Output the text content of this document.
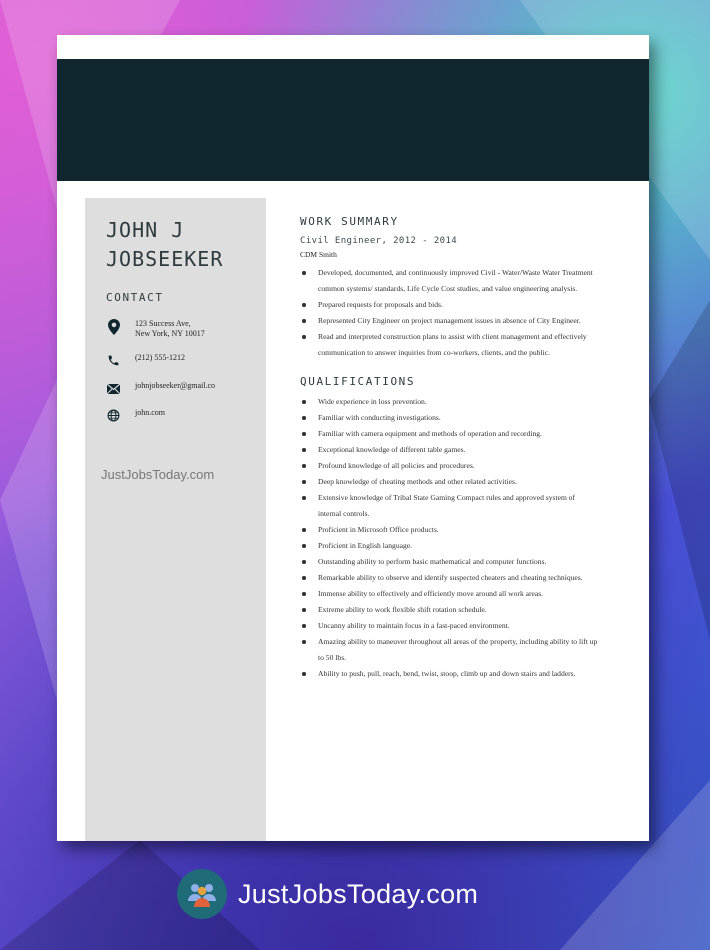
JOHN J
JOBSEEKER
CONTACT
123 Success Ave,
New York, NY 10017
(212) 555-1212
johnjobseeker@gmail.co
john.com
JustJobsToday.com
WORK SUMMARY
Civil Engineer, 2012 - 2014
CDM Smith
Developed, documented, and continuously improved Civil - Water/Waste Water Treatment common systems/ standards, Life Cycle Cost studies, and value engineering analysis.
Prepared requests for proposals and bids.
Represented City Engineer on project management issues in absence of City Engineer.
Read and interpreted construction plans to assist with client management and effectively communication to answer inquiries from co-workers, clients, and the public.
QUALIFICATIONS
Wide experience in loss prevention.
Familiar with conducting investigations.
Familiar with camera equipment and methods of operation and recording.
Exceptional knowledge of different table games.
Profound knowledge of all policies and procedures.
Deep knowledge of cheating methods and other related activities.
Extensive knowledge of Tribal State Gaming Compact rules and approved system of internal controls.
Proficient in Microsoft Office products.
Proficient in English language.
Outstanding ability to perform basic mathematical and computer functions.
Remarkable ability to observe and identify suspected cheaters and cheating techniques.
Immense ability to effectively and efficiently move around all work areas.
Extreme ability to work flexible shift rotation schedule.
Uncanny ability to maintain focus in a fast-paced environment.
Amazing ability to maneuver throughout all areas of the property, including ability to lift up to 50 lbs.
Ability to push, pull, reach, bend, twist, stoop, climb up and down stairs and ladders.
JustJobsToday.com
